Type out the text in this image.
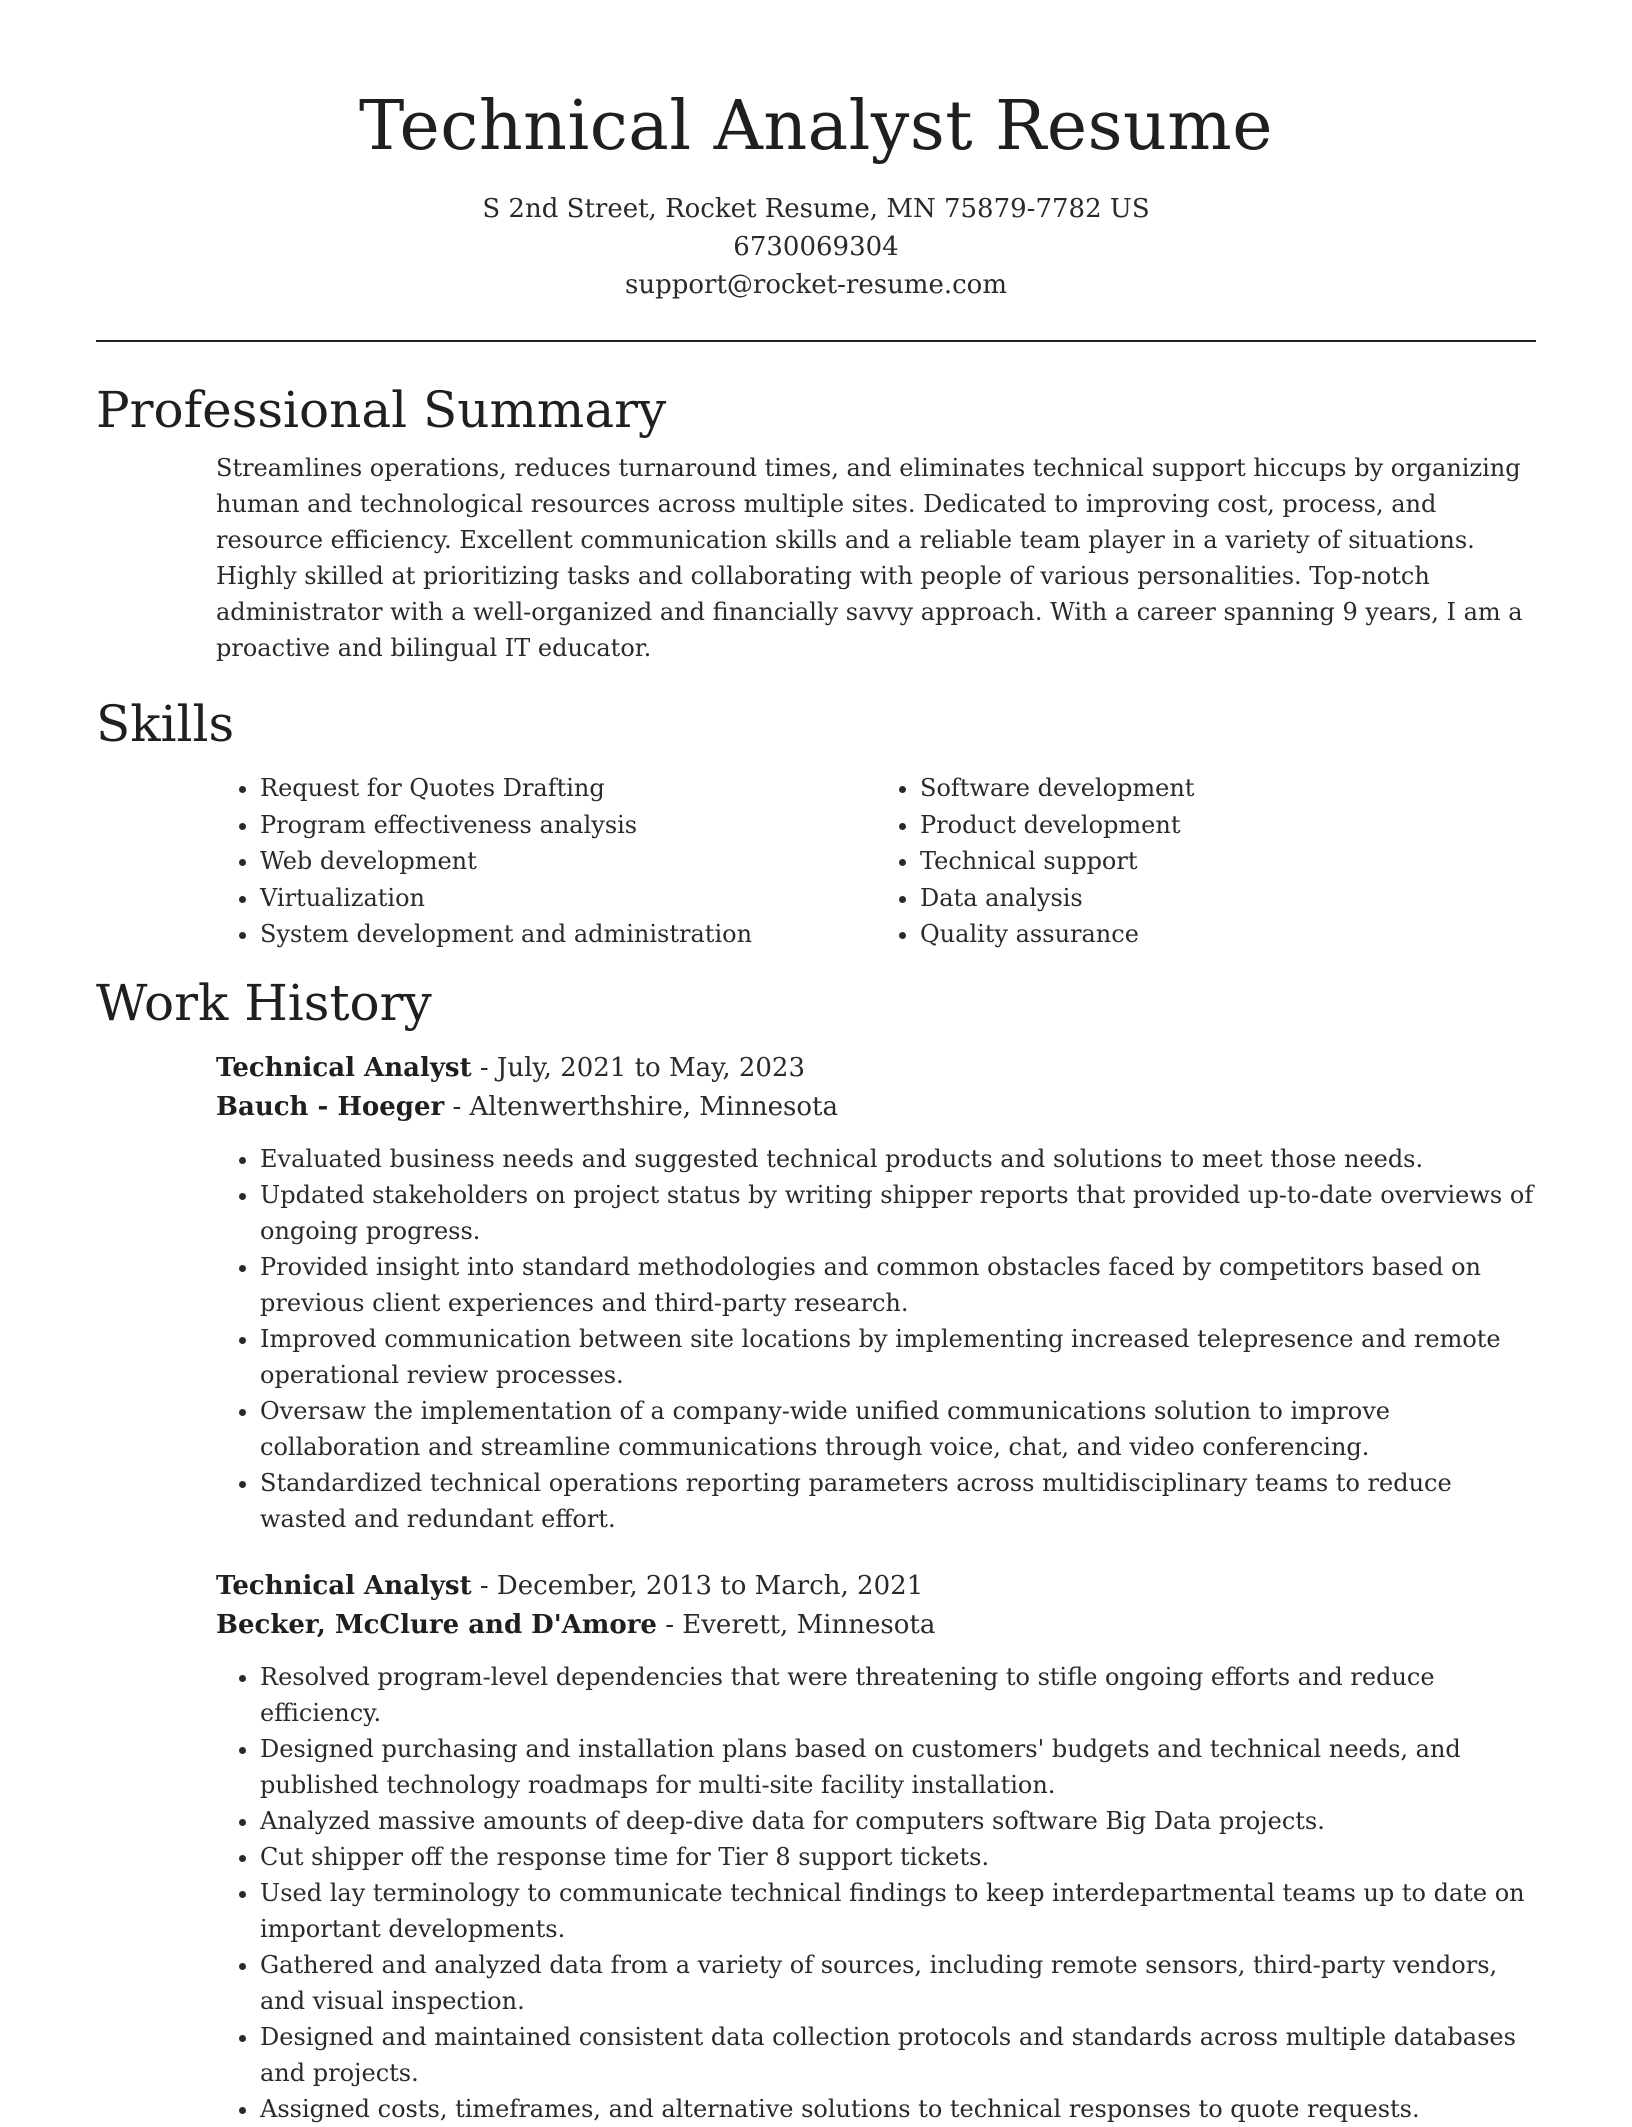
Technical Analyst Resume
S 2nd Street, Rocket Resume, MN 75879-7782 US
6730069304
support@rocket-resume.com
Professional Summary

Streamlines operations, reduces turnaround times, and eliminates technical support hiccups by organizing human and technological resources across multiple sites. Dedicated to improving cost, process, and resource efficiency. Excellent communication skills and a reliable team player in a variety of situations. Highly skilled at prioritizing tasks and collaborating with people of various personalities. Top-notch administrator with a well-organized and financially savvy approach. With a career spanning 9 years, I am a proactive and bilingual IT educator.

Skills
• Request for Quotes Drafting
• Program effectiveness analysis
• Web development
• Virtualization
• System development and administration
• Software development
• Product development
• Technical support
• Data analysis
• Quality assurance
Work History
Technical Analyst - July, 2021 to May, 2023
Bauch - Hoeger - Altenwerthshire, Minnesota
• Evaluated business needs and suggested technical products and solutions to meet those needs.
• Updated stakeholders on project status by writing shipper reports that provided up-to-date overviews of ongoing progress.
• Provided insight into standard methodologies and common obstacles faced by competitors based on previous client experiences and third-party research.
• Improved communication between site locations by implementing increased telepresence and remote operational review processes.
• Oversaw the implementation of a company-wide unified communications solution to improve collaboration and streamline communications through voice, chat, and video conferencing.
• Standardized technical operations reporting parameters across multidisciplinary teams to reduce wasted and redundant effort.
Technical Analyst - December, 2013 to March, 2021
Becker, McClure and D'Amore - Everett, Minnesota
• Resolved program-level dependencies that were threatening to stifle ongoing efforts and reduce efficiency.
• Designed purchasing and installation plans based on customers' budgets and technical needs, and published technology roadmaps for multi-site facility installation.
• Analyzed massive amounts of deep-dive data for computers software Big Data projects.
• Cut shipper off the response time for Tier 8 support tickets.
• Used lay terminology to communicate technical findings to keep interdepartmental teams up to date on important developments.
• Gathered and analyzed data from a variety of sources, including remote sensors, third-party vendors, and visual inspection.
• Designed and maintained consistent data collection protocols and standards across multiple databases and projects.
• Assigned costs, timeframes, and alternative solutions to technical responses to quote requests.
